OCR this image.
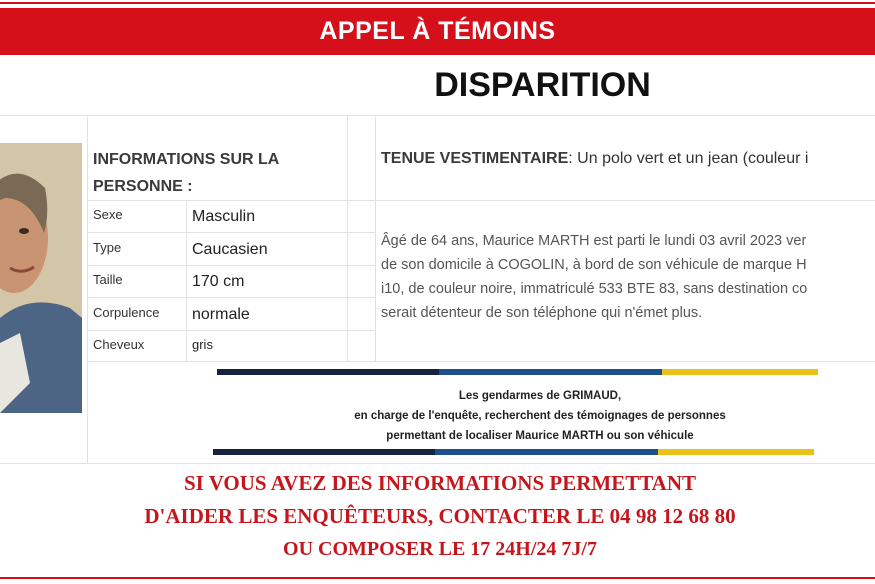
APPEL À TÉMOINS
DISPARITION
INFORMATIONS SUR LA
PERSONNE :
Sexe	Masculin
Type	Caucasien
Taille	170 cm
Corpulence normale
Cheveux	gris
TENUE VESTIMENTAIRE: Un polo vert et un jean (couleur i
Âgé de 64 ans, Maurice MARTH est parti le lundi 03 avril 2023 ver
de son domicile à COGOLIN, à bord de son véhicule de marque H
i10, de couleur noire, immatriculé 533 BTE 83, sans destination co
serait détenteur de son téléphone qui n'émet plus.
Les gendarmes de GRIMAUD,
en charge de l'enquête, recherchent des témoignages de personnes
permettant de localiser Maurice MARTH ou son véhicule
SI VOUS AVEZ DES INFORMATIONS PERMETTANT
D'AIDER LES ENQUÊTEURS, CONTACTER LE 04 98 12 68 80
OU COMPOSER LE 17 24H/24 7J/7
